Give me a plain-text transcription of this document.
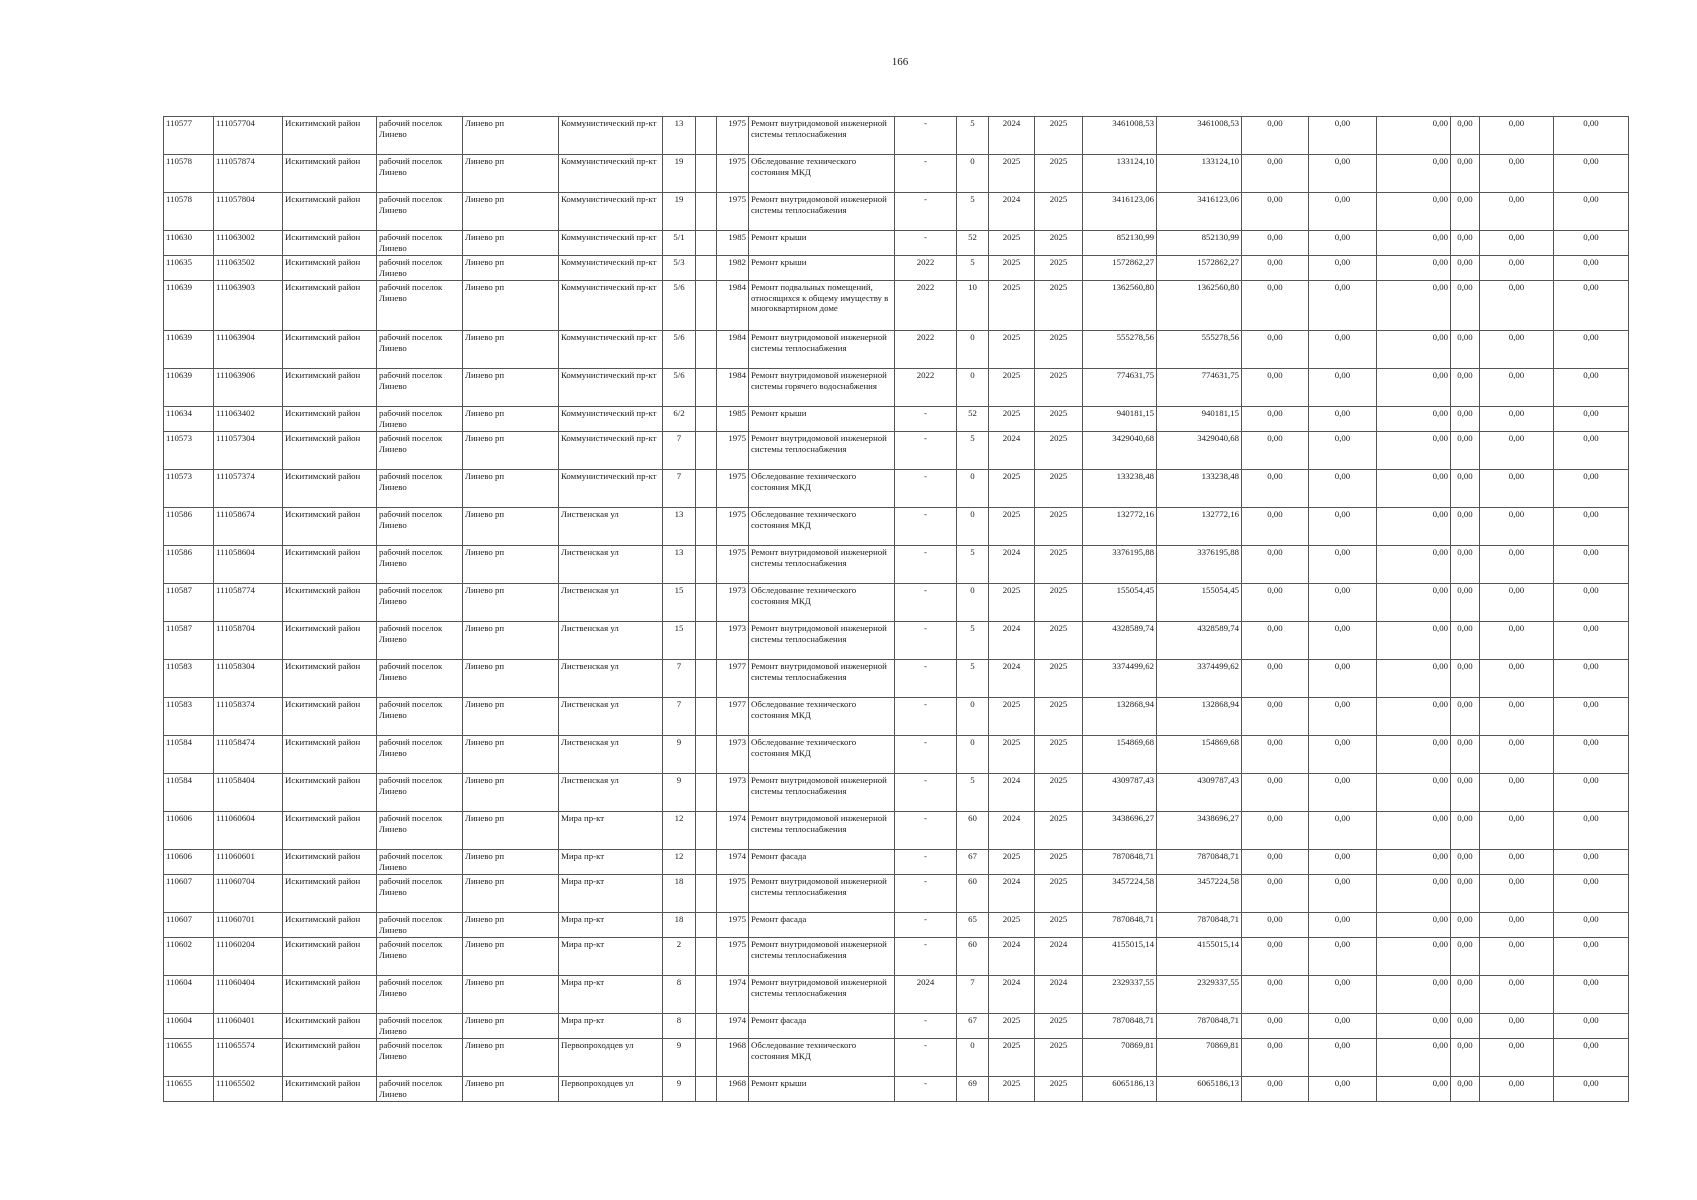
166
110577	111057704	Искитимский район	рабочий поселок Линево	Линево рп	Коммунистический пр-кт	13		1975	Ремонт внутридомовой инженерной системы теплоснабжения	-	5	2024	2025	3461008,53	3461008,53	0,00	0,00	0,00	0,00	0,00	0,00
110578	111057874	Искитимский район	рабочий поселок Линево	Линево рп	Коммунистический пр-кт	19		1975	Обследование технического состояния МКД	-	0	2025	2025	133124,10	133124,10	0,00	0,00	0,00	0,00	0,00	0,00
110578	111057804	Искитимский район	рабочий поселок Линево	Линево рп	Коммунистический пр-кт	19		1975	Ремонт внутридомовой инженерной системы теплоснабжения	-	5	2024	2025	3416123,06	3416123,06	0,00	0,00	0,00	0,00	0,00	0,00
110630	111063002	Искитимский район	рабочий поселок Линево	Линево рп	Коммунистический пр-кт	5/1		1985	Ремонт крыши	-	52	2025	2025	852130,99	852130,99	0,00	0,00	0,00	0,00	0,00	0,00
110635	111063502	Искитимский район	рабочий поселок Линево	Линево рп	Коммунистический пр-кт	5/3		1982	Ремонт крыши	2022	5	2025	2025	1572862,27	1572862,27	0,00	0,00	0,00	0,00	0,00	0,00
110639	111063903	Искитимский район	рабочий поселок Линево	Линево рп	Коммунистический пр-кт	5/6		1984	Ремонт подвальных помещений, относящихся к общему имуществу в многоквартирном доме	2022	10	2025	2025	1362560,80	1362560,80	0,00	0,00	0,00	0,00	0,00	0,00
110639	111063904	Искитимский район	рабочий поселок Линево	Линево рп	Коммунистический пр-кт	5/6		1984	Ремонт внутридомовой инженерной системы теплоснабжения	2022	0	2025	2025	555278,56	555278,56	0,00	0,00	0,00	0,00	0,00	0,00
110639	111063906	Искитимский район	рабочий поселок Линево	Линево рп	Коммунистический пр-кт	5/6		1984	Ремонт внутридомовой инженерной системы горячего водоснабжения	2022	0	2025	2025	774631,75	774631,75	0,00	0,00	0,00	0,00	0,00	0,00
110634	111063402	Искитимский район	рабочий поселок Линево	Линево рп	Коммунистический пр-кт	6/2		1985	Ремонт крыши	-	52	2025	2025	940181,15	940181,15	0,00	0,00	0,00	0,00	0,00	0,00
110573	111057304	Искитимский район	рабочий поселок Линево	Линево рп	Коммунистический пр-кт	7		1975	Ремонт внутридомовой инженерной системы теплоснабжения	-	5	2024	2025	3429040,68	3429040,68	0,00	0,00	0,00	0,00	0,00	0,00
110573	111057374	Искитимский район	рабочий поселок Линево	Линево рп	Коммунистический пр-кт	7		1975	Обследование технического состояния МКД	-	0	2025	2025	133238,48	133238,48	0,00	0,00	0,00	0,00	0,00	0,00
110586	111058674	Искитимский район	рабочий поселок Линево	Линево рп	Лиственская ул	13		1975	Обследование технического состояния МКД	-	0	2025	2025	132772,16	132772,16	0,00	0,00	0,00	0,00	0,00	0,00
110586	111058604	Искитимский район	рабочий поселок Линево	Линево рп	Лиственская ул	13		1975	Ремонт внутридомовой инженерной системы теплоснабжения	-	5	2024	2025	3376195,88	3376195,88	0,00	0,00	0,00	0,00	0,00	0,00
110587	111058774	Искитимский район	рабочий поселок Линево	Линево рп	Лиственская ул	15		1973	Обследование технического состояния МКД	-	0	2025	2025	155054,45	155054,45	0,00	0,00	0,00	0,00	0,00	0,00
110587	111058704	Искитимский район	рабочий поселок Линево	Линево рп	Лиственская ул	15		1973	Ремонт внутридомовой инженерной системы теплоснабжения	-	5	2024	2025	4328589,74	4328589,74	0,00	0,00	0,00	0,00	0,00	0,00
110583	111058304	Искитимский район	рабочий поселок Линево	Линево рп	Лиственская ул	7		1977	Ремонт внутридомовой инженерной системы теплоснабжения	-	5	2024	2025	3374499,62	3374499,62	0,00	0,00	0,00	0,00	0,00	0,00
110583	111058374	Искитимский район	рабочий поселок Линево	Линево рп	Лиственская ул	7		1977	Обследование технического состояния МКД	-	0	2025	2025	132868,94	132868,94	0,00	0,00	0,00	0,00	0,00	0,00
110584	111058474	Искитимский район	рабочий поселок Линево	Линево рп	Лиственская ул	9		1973	Обследование технического состояния МКД	-	0	2025	2025	154869,68	154869,68	0,00	0,00	0,00	0,00	0,00	0,00
110584	111058404	Искитимский район	рабочий поселок Линево	Линево рп	Лиственская ул	9		1973	Ремонт внутридомовой инженерной системы теплоснабжения	-	5	2024	2025	4309787,43	4309787,43	0,00	0,00	0,00	0,00	0,00	0,00
110606	111060604	Искитимский район	рабочий поселок Линево	Линево рп	Мира пр-кт	12		1974	Ремонт внутридомовой инженерной системы теплоснабжения	-	60	2024	2025	3438696,27	3438696,27	0,00	0,00	0,00	0,00	0,00	0,00
110606	111060601	Искитимский район	рабочий поселок Линево	Линево рп	Мира пр-кт	12		1974	Ремонт фасада	-	67	2025	2025	7870848,71	7870848,71	0,00	0,00	0,00	0,00	0,00	0,00
110607	111060704	Искитимский район	рабочий поселок Линево	Линево рп	Мира пр-кт	18		1975	Ремонт внутридомовой инженерной системы теплоснабжения	-	60	2024	2025	3457224,58	3457224,58	0,00	0,00	0,00	0,00	0,00	0,00
110607	111060701	Искитимский район	рабочий поселок Линево	Линево рп	Мира пр-кт	18		1975	Ремонт фасада	-	65	2025	2025	7870848,71	7870848,71	0,00	0,00	0,00	0,00	0,00	0,00
110602	111060204	Искитимский район	рабочий поселок Линево	Линево рп	Мира пр-кт	2		1975	Ремонт внутридомовой инженерной системы теплоснабжения	-	60	2024	2024	4155015,14	4155015,14	0,00	0,00	0,00	0,00	0,00	0,00
110604	111060404	Искитимский район	рабочий поселок Линево	Линево рп	Мира пр-кт	8		1974	Ремонт внутридомовой инженерной системы теплоснабжения	2024	7	2024	2024	2329337,55	2329337,55	0,00	0,00	0,00	0,00	0,00	0,00
110604	111060401	Искитимский район	рабочий поселок Линево	Линево рп	Мира пр-кт	8		1974	Ремонт фасада	-	67	2025	2025	7870848,71	7870848,71	0,00	0,00	0,00	0,00	0,00	0,00
110655	111065574	Искитимский район	рабочий поселок Линево	Линево рп	Первопроходцев ул	9		1968	Обследование технического состояния МКД	-	0	2025	2025	70869,81	70869,81	0,00	0,00	0,00	0,00	0,00	0,00
110655	111065502	Искитимский район	рабочий поселок Линево	Линево рп	Первопроходцев ул	9		1968	Ремонт крыши	-	69	2025	2025	6065186,13	6065186,13	0,00	0,00	0,00	0,00	0,00	0,00
